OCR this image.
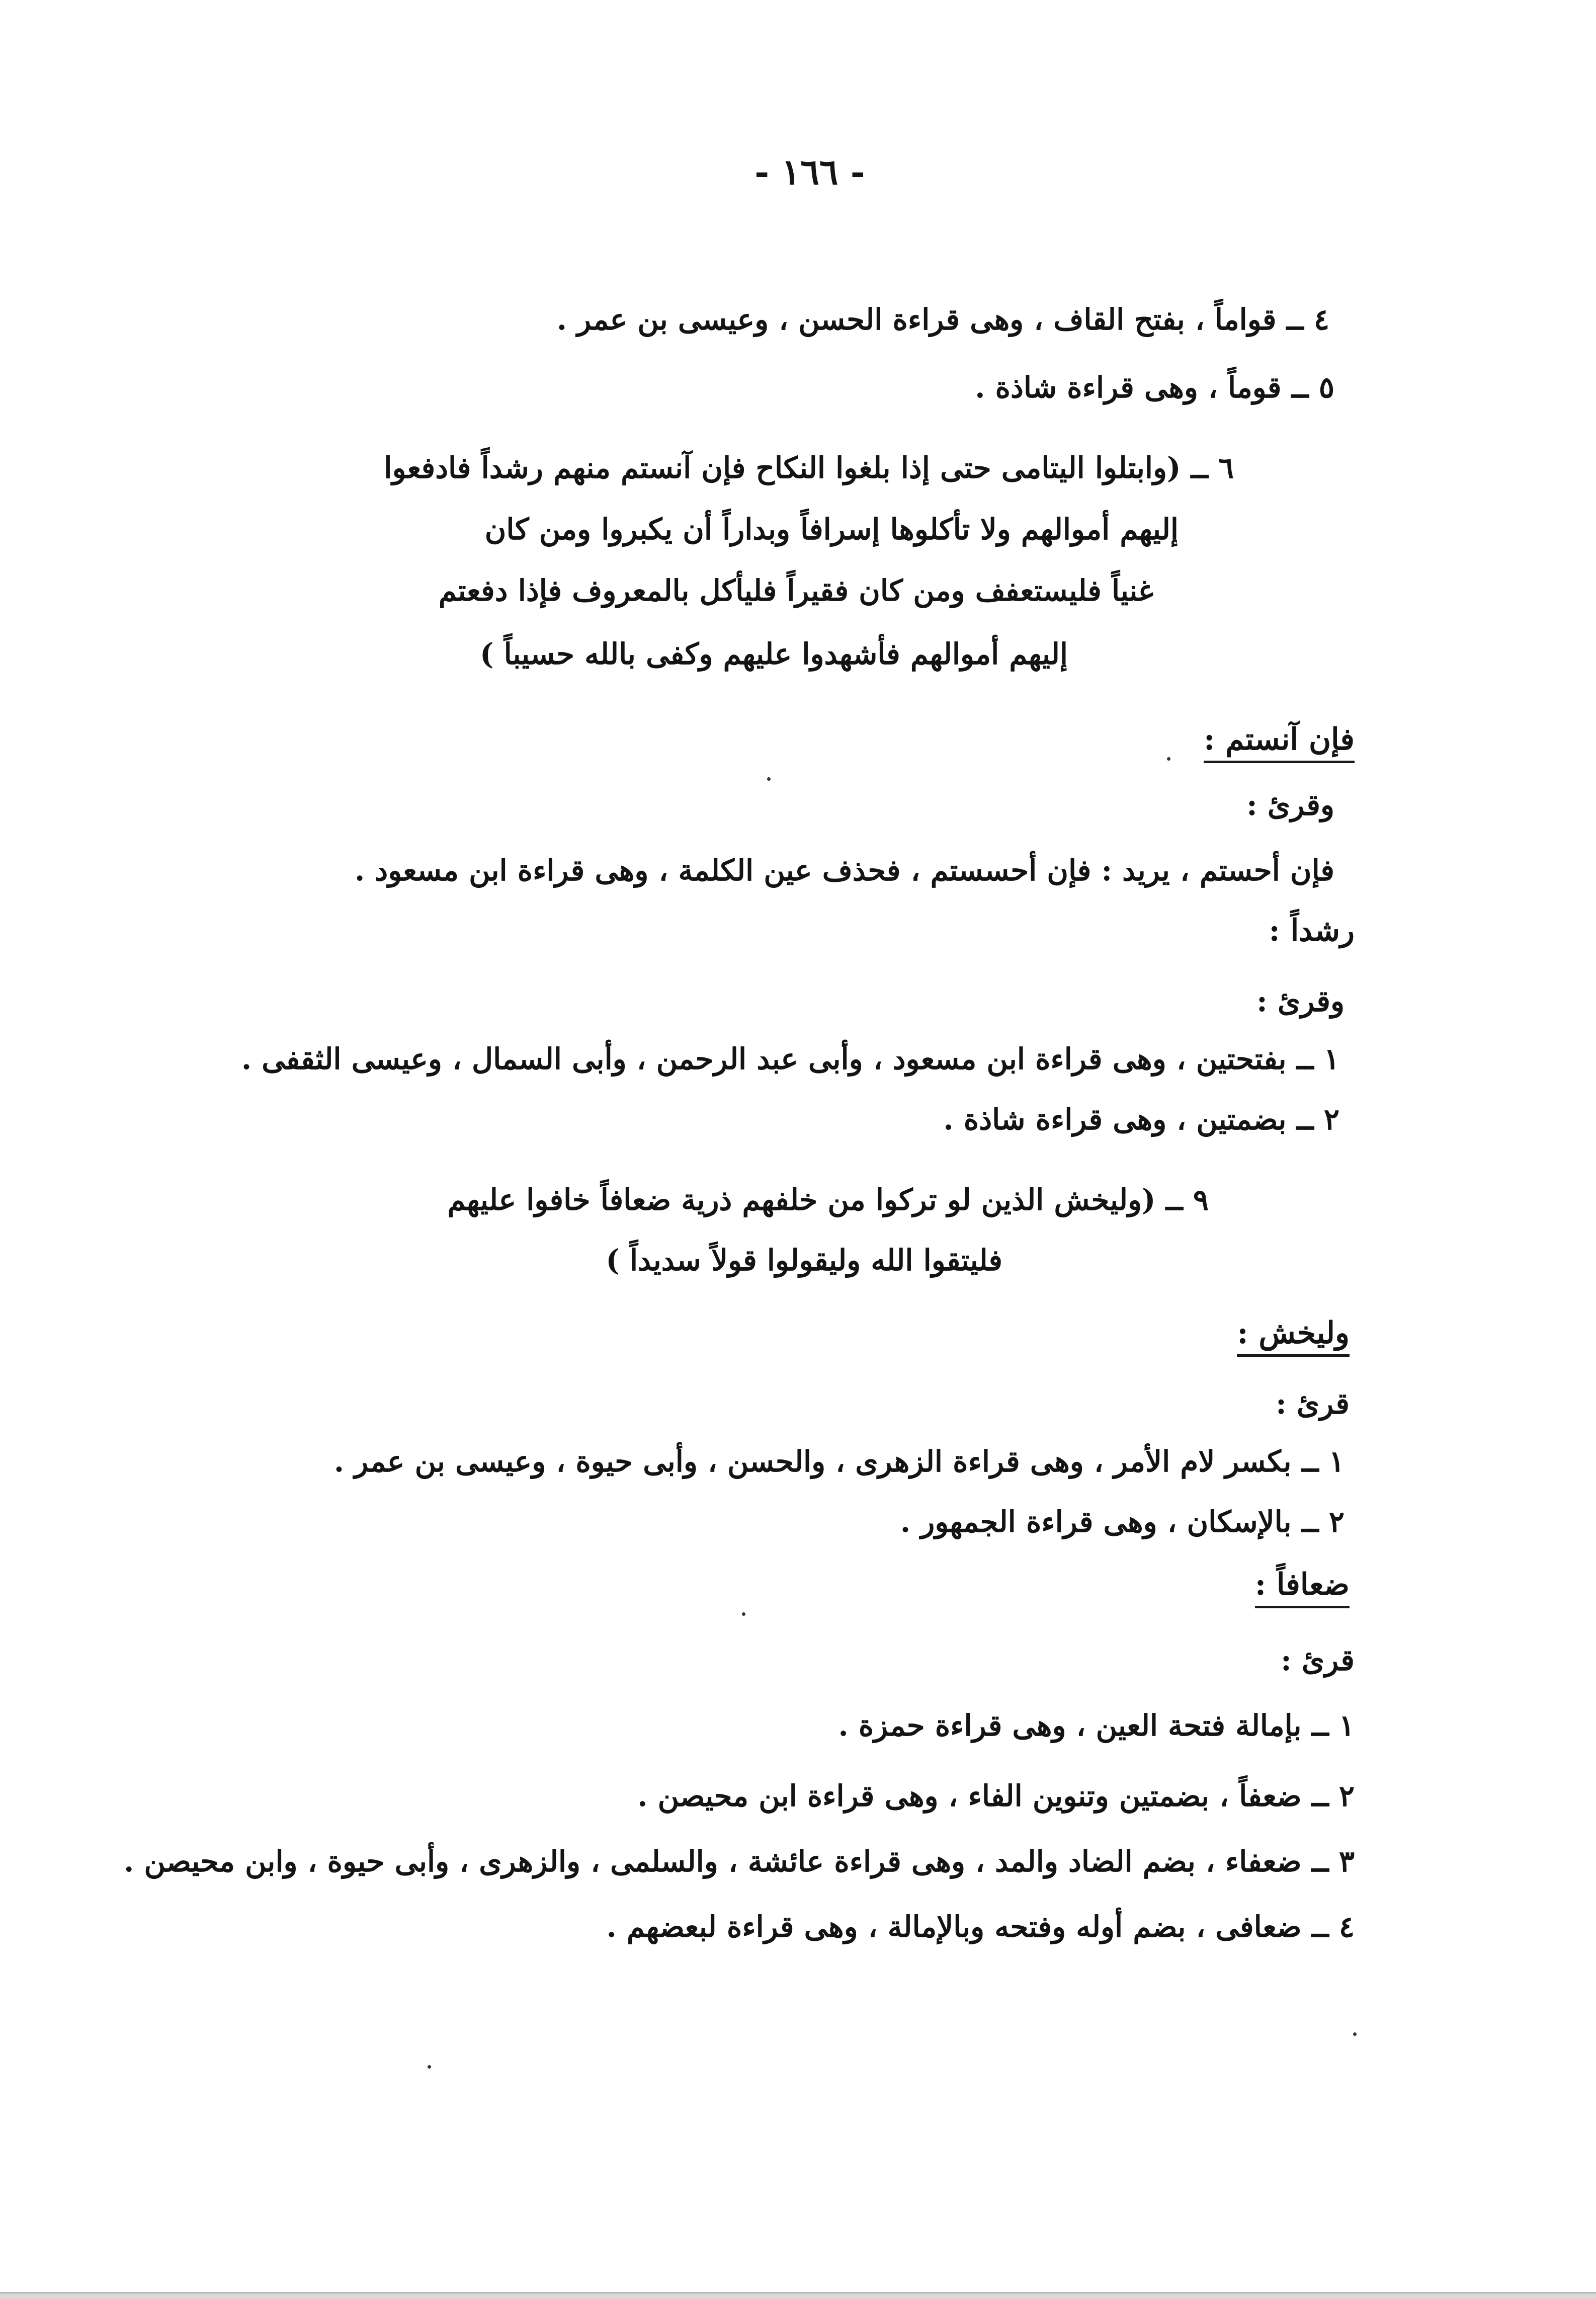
- ١٦٦ -
٤ ــ قواماً ، بفتح القاف ، وهى قراءة الحسن ، وعيسى بن عمر .
٥ ــ قوماً ، وهى قراءة شاذة .
٦ ــ (وابتلوا اليتامى حتى إذا بلغوا النكاح فإن آنستم منهم رشداً فادفعوا
إليهم أموالهم ولا تأكلوها إسرافاً وبداراً أن يكبروا ومن كان
غنياً فليستعفف ومن كان فقيراً فليأكل بالمعروف فإذا دفعتم
إليهم أموالهم فأشهدوا عليهم وكفى بالله حسيباً )
فإن آنستم :
وقرئ :
فإن أحستم ، يريد : فإن أحسستم ، فحذف عين الكلمة ، وهى قراءة ابن مسعود .
رشداً :
وقرئ :
١ ــ بفتحتين ، وهى قراءة ابن مسعود ، وأبى عبد الرحمن ، وأبى السمال ، وعيسى الثقفى .
٢ ــ بضمتين ، وهى قراءة شاذة .
٩ ــ (وليخش الذين لو تركوا من خلفهم ذرية ضعافاً خافوا عليهم
فليتقوا الله وليقولوا قولاً سديداً )
وليخش :
قرئ :
١ ــ بكسر لام الأمر ، وهى قراءة الزهرى ، والحسن ، وأبى حيوة ، وعيسى بن عمر .
٢ ــ بالإسكان ، وهى قراءة الجمهور .
ضعافاً :
قرئ :
١ ــ بإمالة فتحة العين ، وهى قراءة حمزة .
٢ ــ ضعفاً ، بضمتين وتنوين الفاء ، وهى قراءة ابن محيصن .
٣ ــ ضعفاء ، بضم الضاد والمد ، وهى قراءة عائشة ، والسلمى ، والزهرى ، وأبى حيوة ، وابن محيصن .
٤ ــ ضعافى ، بضم أوله وفتحه وبالإمالة ، وهى قراءة لبعضهم .
